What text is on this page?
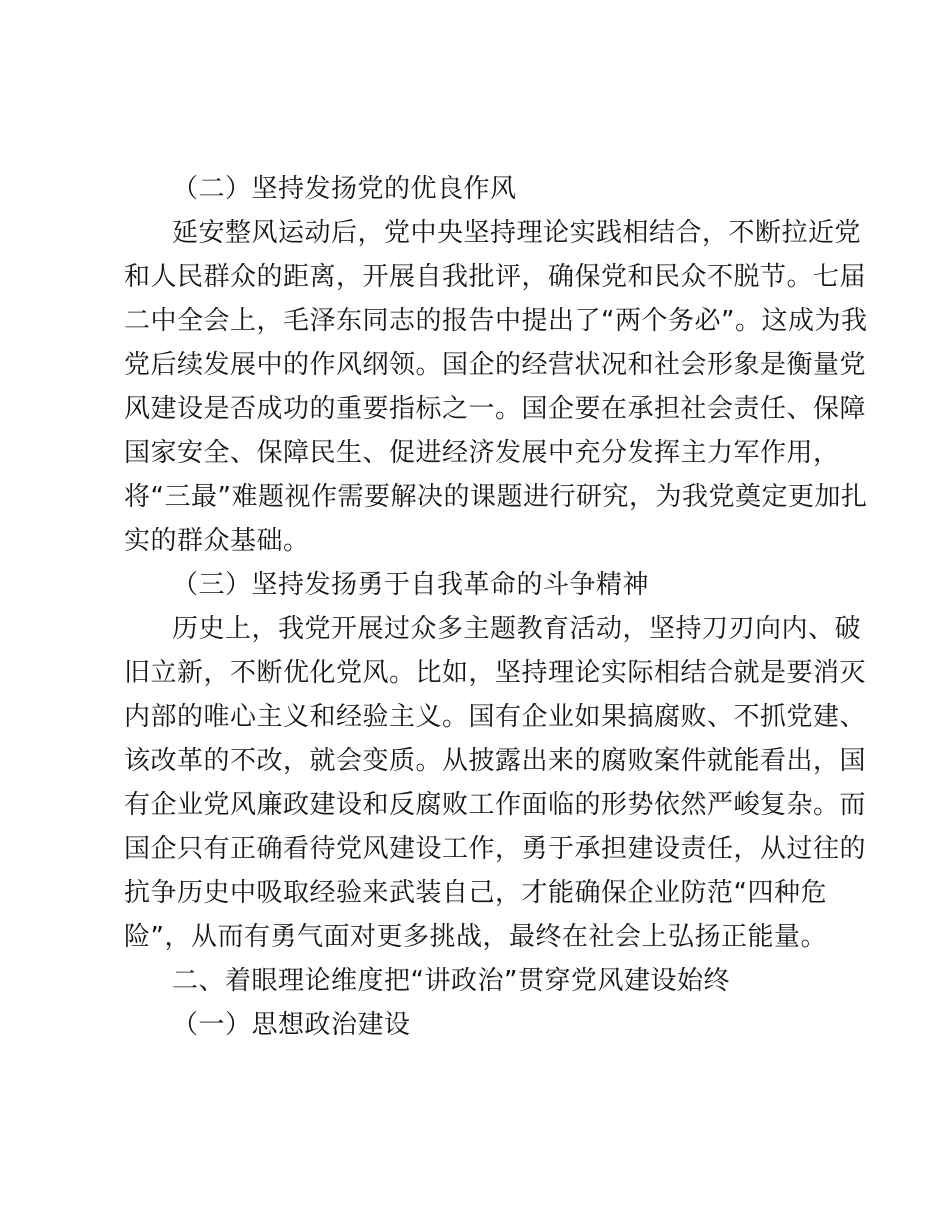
（二）坚持发扬党的优良作风
延安整风运动后，党中央坚持理论实践相结合，不断拉近党
和人民群众的距离，开展自我批评，确保党和民众不脱节。七届
二中全会上，毛泽东同志的报告中提出了“两个务必”。这成为我
党后续发展中的作风纲领。国企的经营状况和社会形象是衡量党
风建设是否成功的重要指标之一。国企要在承担社会责任、保障
国家安全、保障民生、促进经济发展中充分发挥主力军作用，
将“三最”难题视作需要解决的课题进行研究，为我党奠定更加扎
实的群众基础。
（三）坚持发扬勇于自我革命的斗争精神
历史上，我党开展过众多主题教育活动，坚持刀刃向内、破
旧立新，不断优化党风。比如，坚持理论实际相结合就是要消灭
内部的唯心主义和经验主义。国有企业如果搞腐败、不抓党建、
该改革的不改，就会变质。从披露出来的腐败案件就能看出，国
有企业党风廉政建设和反腐败工作面临的形势依然严峻复杂。而
国企只有正确看待党风建设工作，勇于承担建设责任，从过往的
抗争历史中吸取经验来武装自己，才能确保企业防范“四种危
险”，从而有勇气面对更多挑战，最终在社会上弘扬正能量。
二、着眼理论维度把“讲政治”贯穿党风建设始终
（一）思想政治建设
